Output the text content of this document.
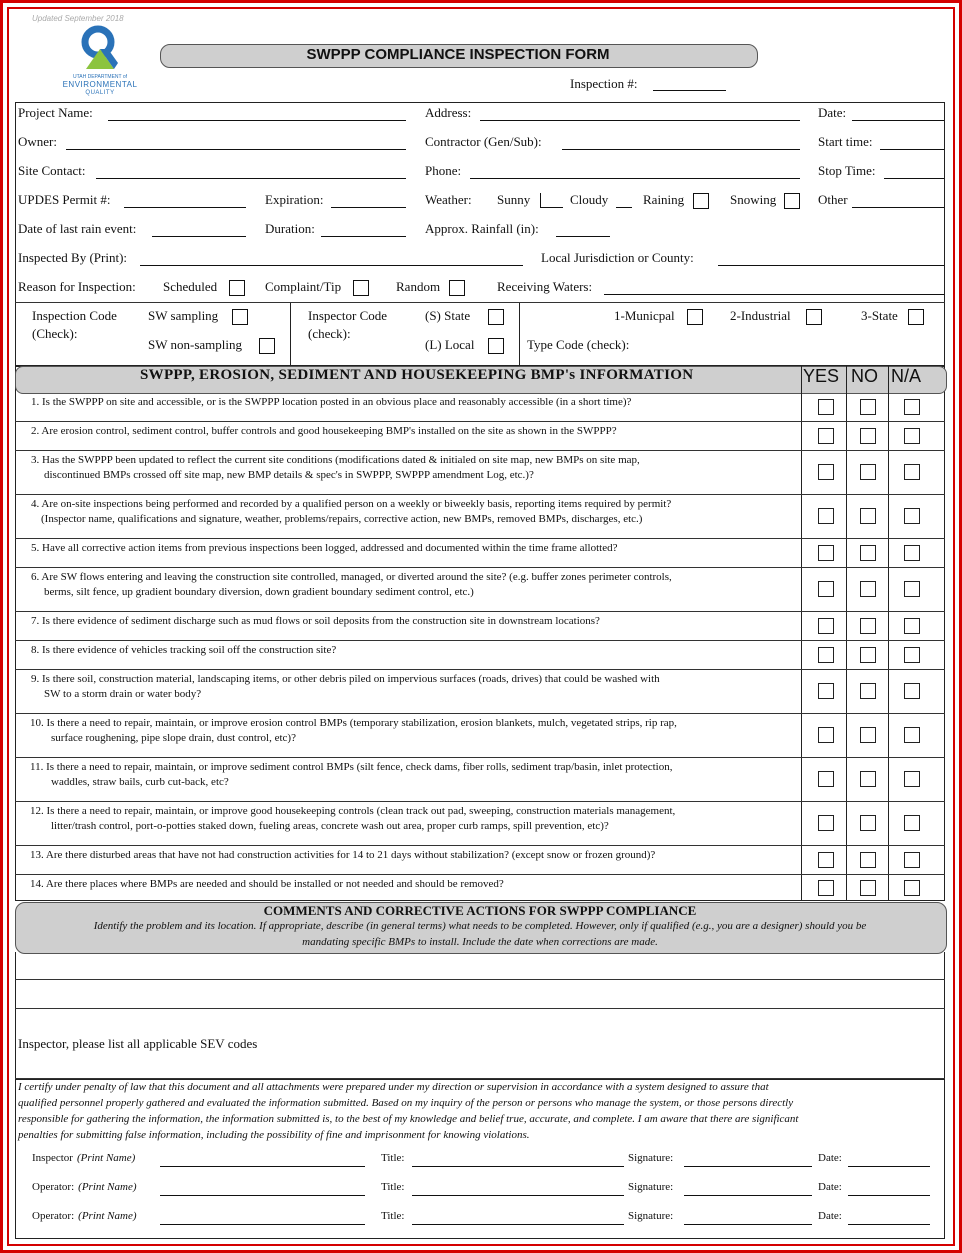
Updated September 2018
UTAH DEPARTMENT of
ENVIRONMENTAL
QUALITY
SWPPP COMPLIANCE INSPECTION FORM
Inspection #:
Project Name:	Address:	Date:
Owner:	Contractor (Gen/Sub):	Start time:
Site Contact:	Phone:	Stop Time:
UPDES Permit #:	Expiration:	Weather: Sunny	Cloudy	Raining	Snowing	Other
Date of last rain event:	Duration:	Approx. Rainfall (in):
Inspected By (Print):	Local Jurisdiction or County:
Reason for Inspection: Scheduled	Complaint/Tip	Random	Receiving Waters:
Inspection Code
(Check):
SW sampling
SW non-sampling
Inspector Code
(check):
(S) State
(L) Local
1-Municpal	2-Industrial	3-State
Type Code (check):
SWPPP, EROSION, SEDIMENT AND HOUSEKEEPING BMP's INFORMATION	YES NO N/A
1. Is the SWPPP on site and accessible, or is the SWPPP location posted in an obvious place and reasonably accessible (in a short time)?
2. Are erosion control, sediment control, buffer controls and good housekeeping BMP's installed on the site as shown in the SWPPP?
3. Has the SWPPP been updated to reflect the current site conditions (modifications dated & initialed on site map, new BMPs on site map,
discontinued BMPs crossed off site map, new BMP details & spec's in SWPPP, SWPPP amendment Log, etc.)?
4. Are on-site inspections being performed and recorded by a qualified person on a weekly or biweekly basis, reporting items required by permit?
(Inspector name, qualifications and signature, weather, problems/repairs, corrective action, new BMPs, removed BMPs, discharges, etc.)
5. Have all corrective action items from previous inspections been logged, addressed and documented within the time frame allotted?
6. Are SW flows entering and leaving the construction site controlled, managed, or diverted around the site? (e.g. buffer zones perimeter controls,
berms, silt fence, up gradient boundary diversion, down gradient boundary sediment control, etc.)
7. Is there evidence of sediment discharge such as mud flows or soil deposits from the construction site in downstream locations?
8. Is there evidence of vehicles tracking soil off the construction site?
9. Is there soil, construction material, landscaping items, or other debris piled on impervious surfaces (roads, drives) that could be washed with
SW to a storm drain or water body?
10. Is there a need to repair, maintain, or improve erosion control BMPs (temporary stabilization, erosion blankets, mulch, vegetated strips, rip rap,
surface roughening, pipe slope drain, dust control, etc)?
11. Is there a need to repair, maintain, or improve sediment control BMPs (silt fence, check dams, fiber rolls, sediment trap/basin, inlet protection,
waddles, straw bails, curb cut-back, etc?
12. Is there a need to repair, maintain, or improve good housekeeping controls (clean track out pad, sweeping, construction materials management,
litter/trash control, port-o-potties staked down, fueling areas, concrete wash out area, proper curb ramps, spill prevention, etc)?
13. Are there disturbed areas that have not had construction activities for 14 to 21 days without stabilization? (except snow or frozen ground)?
14. Are there places where BMPs are needed and should be installed or not needed and should be removed?
COMMENTS AND CORRECTIVE ACTIONS FOR SWPPP COMPLIANCE
Identify the problem and its location. If appropriate, describe (in general terms) what needs to be completed. However, only if qualified (e.g., you are a designer) should you be
mandating specific BMPs to install. Include the date when corrections are made.
Inspector, please list all applicable SEV codes
I certify under penalty of law that this document and all attachments were prepared under my direction or supervision in accordance with a system designed to assure that
qualified personnel properly gathered and evaluated the information submitted. Based on my inquiry of the person or persons who manage the system, or those persons directly
responsible for gathering the information, the information submitted is, to the best of my knowledge and belief true, accurate, and complete. I am aware that there are significant
penalties for submitting false information, including the possibility of fine and imprisonment for knowing violations.
Inspector (Print Name)	Title:	Signature:	Date:
Operator: (Print Name)	Title:	Signature:	Date:
Operator: (Print Name)	Title:	Signature:	Date:
